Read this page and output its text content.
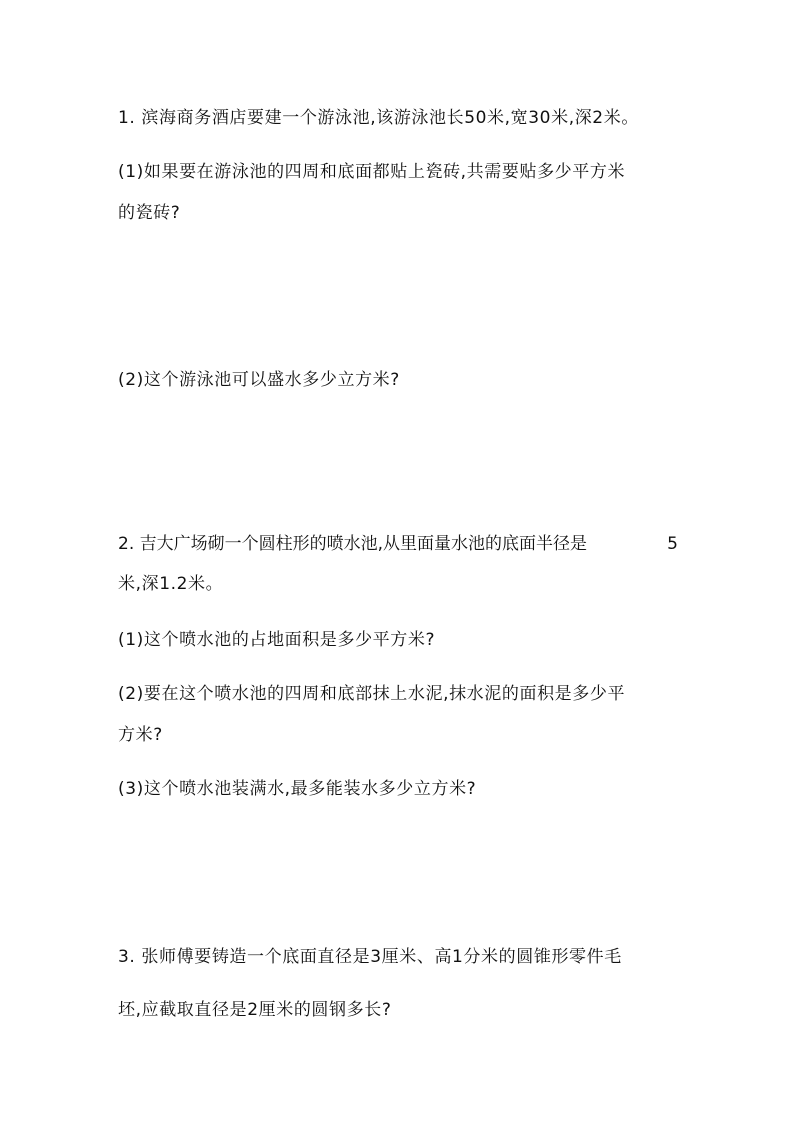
1. 滨海商务酒店要建一个游泳池,该游泳池长50米,宽30米,深2米。
(1)如果要在游泳池的四周和底面都贴上瓷砖,共需要贴多少平方米
的瓷砖?
(2)这个游泳池可以盛水多少立方米?
2. 吉大广场砌一个圆柱形的喷水池,从里面量水池的底面半径是	5
米,深1.2米。
(1)这个喷水池的占地面积是多少平方米?
(2)要在这个喷水池的四周和底部抹上水泥,抹水泥的面积是多少平
方米?
(3)这个喷水池装满水,最多能装水多少立方米?
3. 张师傅要铸造一个底面直径是3厘米、高1分米的圆锥形零件毛
坯,应截取直径是2厘米的圆钢多长?
